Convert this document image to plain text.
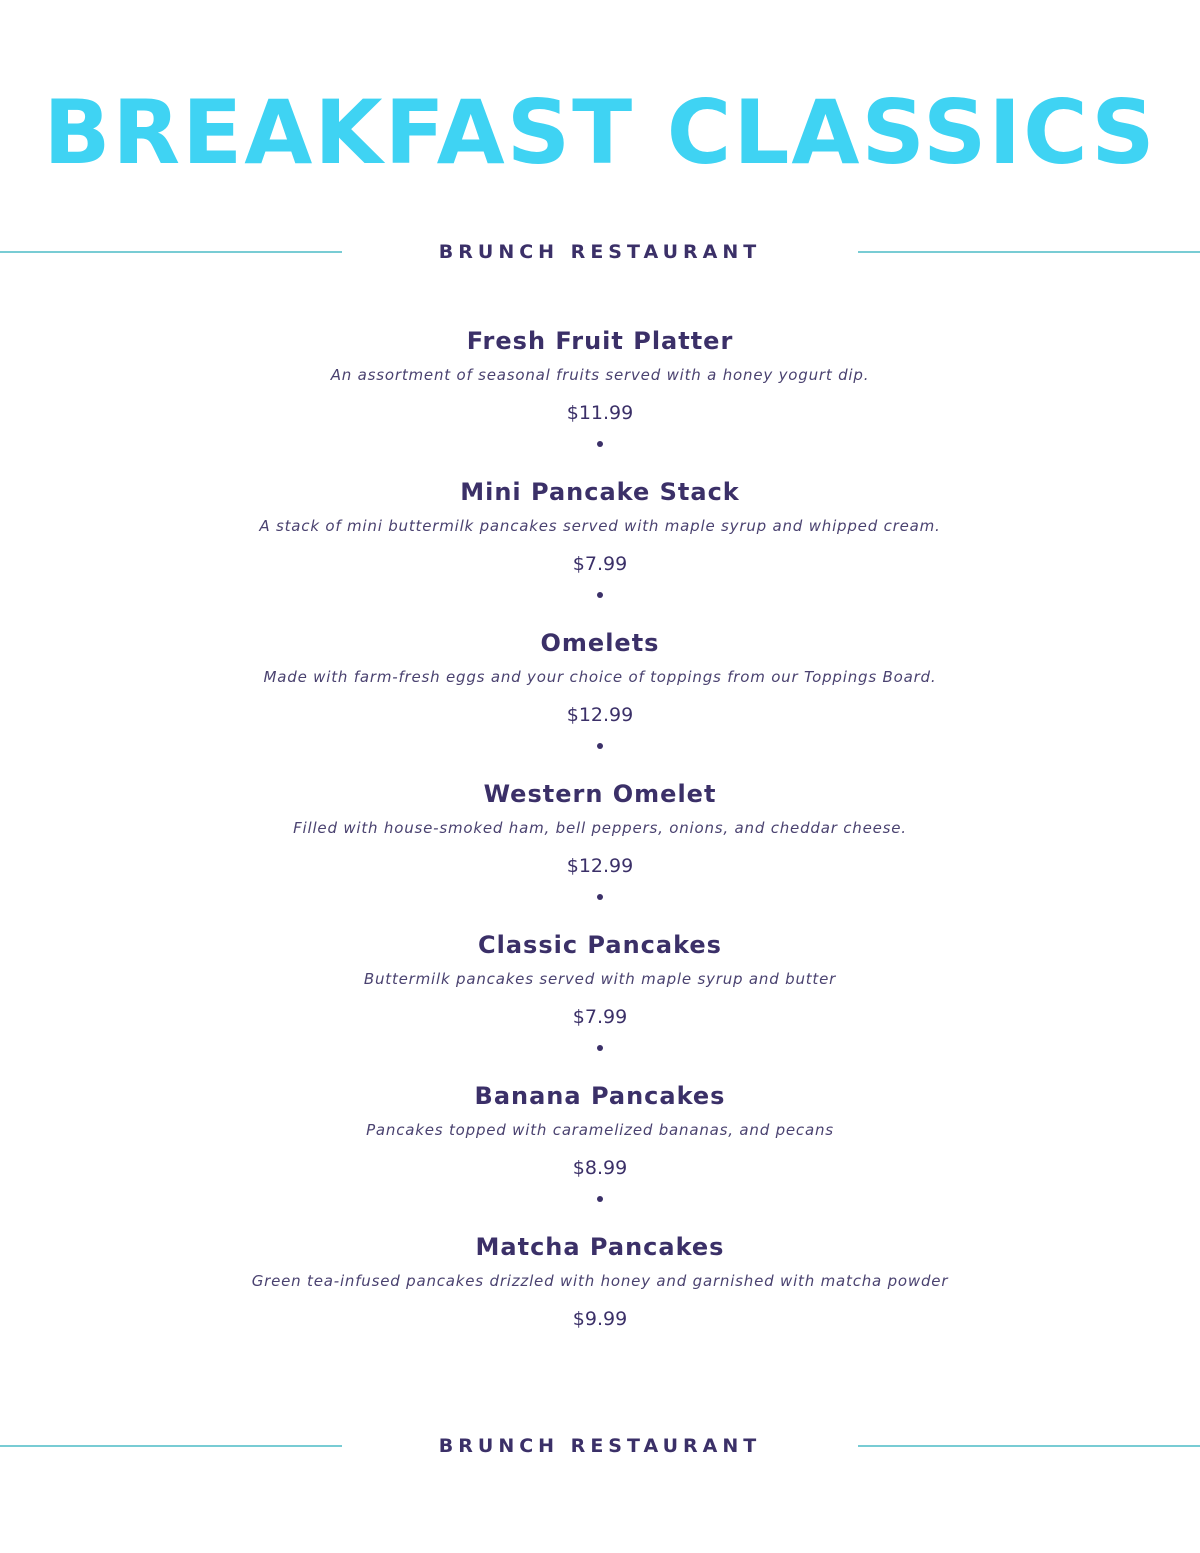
BREAKFAST CLASSICS
BRUNCH RESTAURANT
Fresh Fruit Platter
An assortment of seasonal fruits served with a honey yogurt dip.
$11.99
Mini Pancake Stack
A stack of mini buttermilk pancakes served with maple syrup and whipped cream.
$7.99
Omelets
Made with farm-fresh eggs and your choice of toppings from our Toppings Board.
$12.99
Western Omelet
Filled with house-smoked ham, bell peppers, onions, and cheddar cheese.
$12.99
Classic Pancakes
Buttermilk pancakes served with maple syrup and butter
$7.99
Banana Pancakes
Pancakes topped with caramelized bananas, and pecans
$8.99
Matcha Pancakes
Green tea-infused pancakes drizzled with honey and garnished with matcha powder
$9.99
BRUNCH RESTAURANT
